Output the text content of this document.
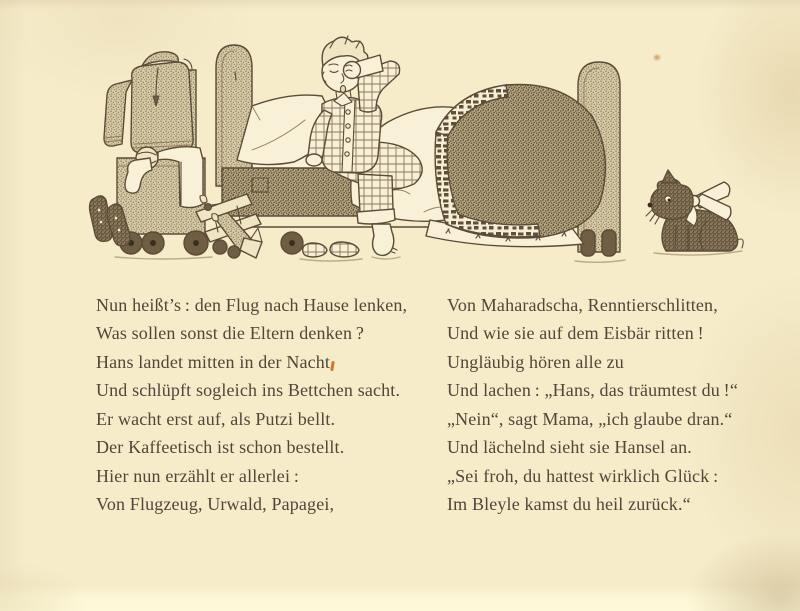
Nun heißt’s : den Flug nach Hause lenken,

Was sollen sonst die Eltern denken ?

Hans landet mitten in der Nacht

Und schlüpft sogleich ins Bettchen sacht.

Er wacht erst auf, als Putzi bellt.

Der Kaffeetisch ist schon bestellt.

Hier nun erzählt er allerlei :

Von Flugzeug, Urwald, Papagei,

Von Maharadscha, Renntierschlitten,

Und wie sie auf dem Eisbär ritten !

Ungläubig hören alle zu

Und lachen : „Hans, das träumtest du !“

„Nein“, sagt Mama, „ich glaube dran.“

Und lächelnd sieht sie Hansel an.

„Sei froh, du hattest wirklich Glück :

Im Bleyle kamst du heil zurück.“
